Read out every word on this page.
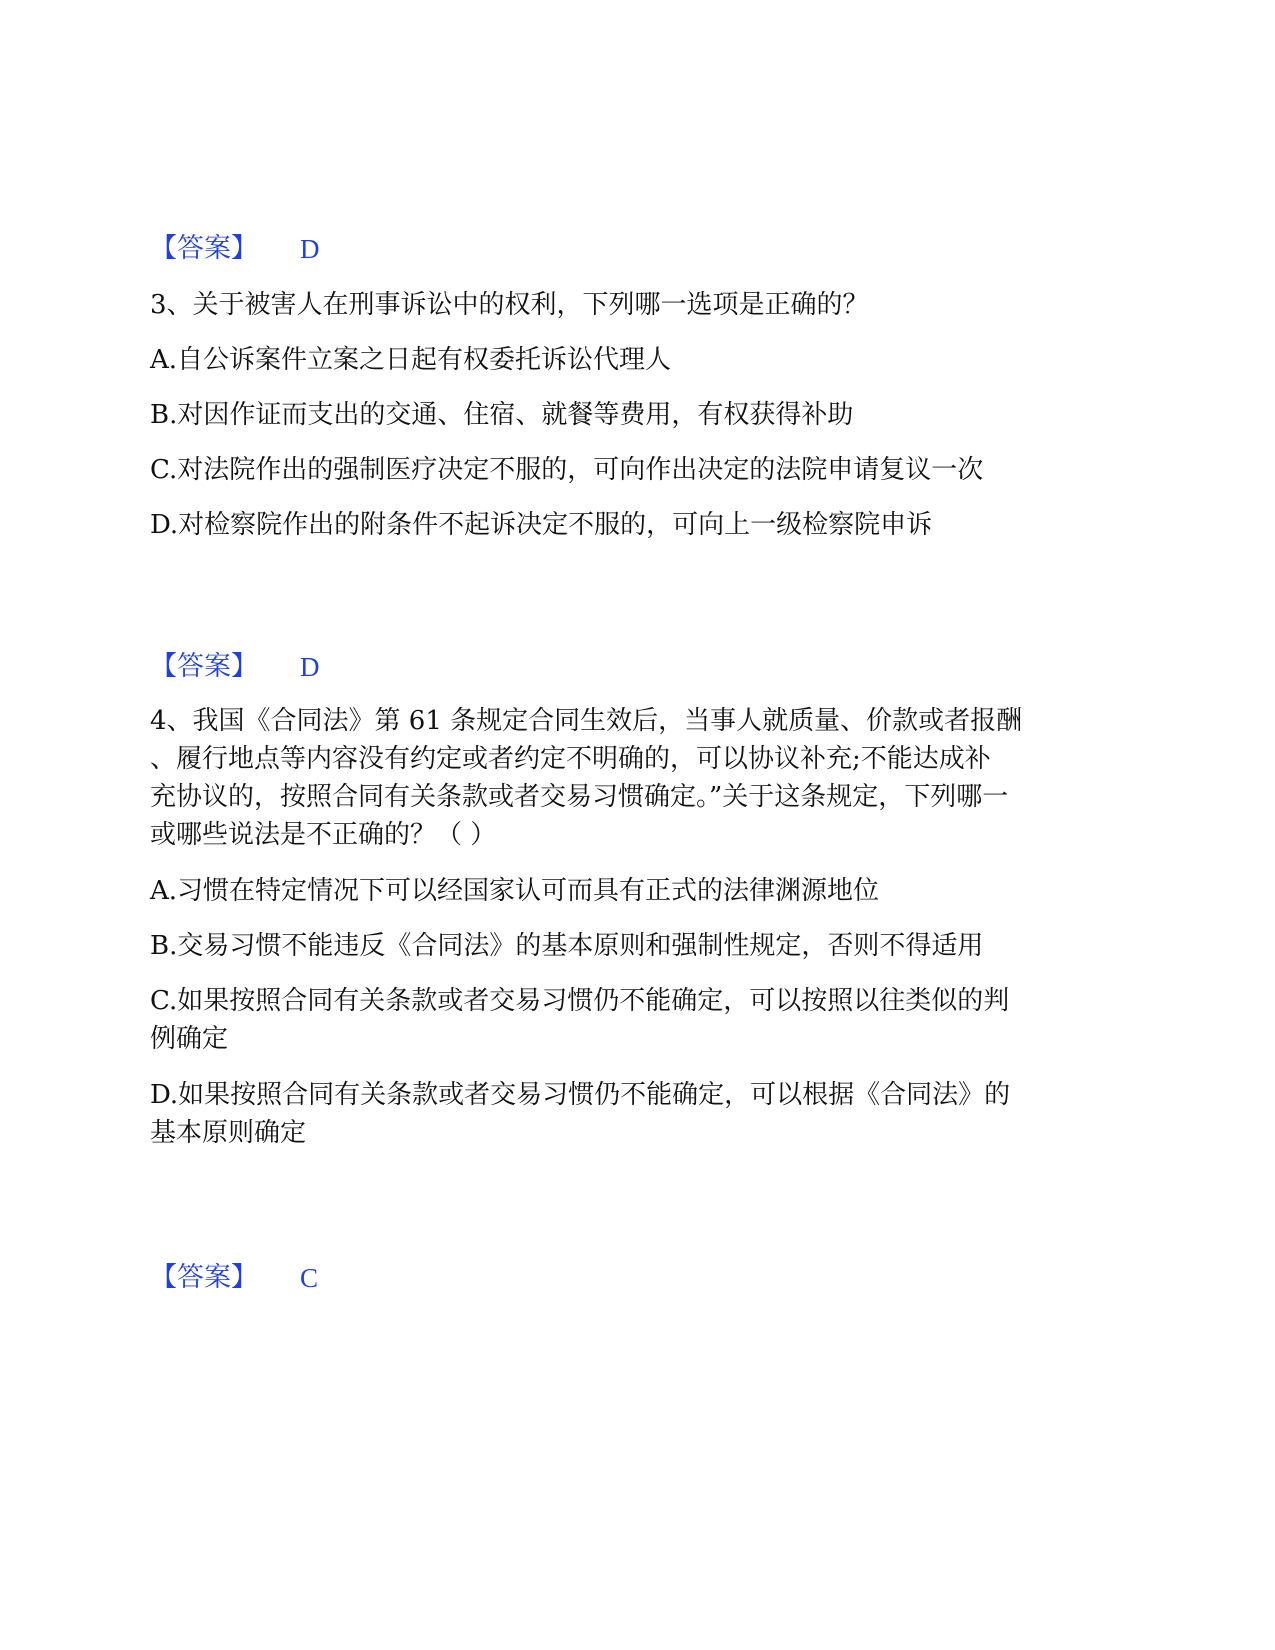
【答案】 D
3、关于被害人在刑事诉讼中的权利，下列哪一选项是正确的？
A.自公诉案件立案之日起有权委托诉讼代理人
B.对因作证而支出的交通、住宿、就餐等费用，有权获得补助
C.对法院作出的强制医疗决定不服的，可向作出决定的法院申请复议一次
D.对检察院作出的附条件不起诉决定不服的，可向上一级检察院申诉
【答案】 D
4、我国《合同法》第 61 条规定合同生效后，当事人就质量、价款或者报酬
、履行地点等内容没有约定或者约定不明确的，可以协议补充;不能达成补
充协议的，按照合同有关条款或者交易习惯确定。”关于这条规定，下列哪一
或哪些说法是不正确的？（ ）
A.习惯在特定情况下可以经国家认可而具有正式的法律渊源地位
B.交易习惯不能违反《合同法》的基本原则和强制性规定，否则不得适用
C.如果按照合同有关条款或者交易习惯仍不能确定，可以按照以往类似的判
例确定
D.如果按照合同有关条款或者交易习惯仍不能确定，可以根据《合同法》的
基本原则确定
【答案】 C
